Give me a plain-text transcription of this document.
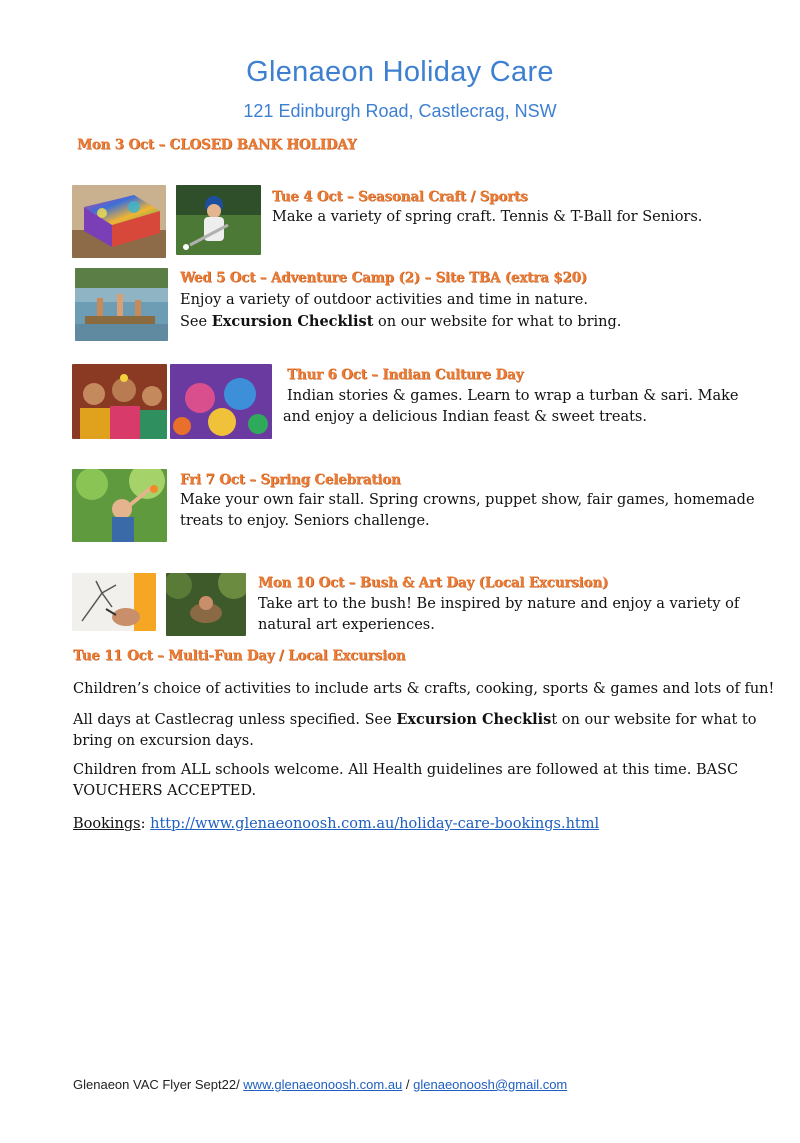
Glenaeon Holiday Care
121 Edinburgh Road, Castlecrag, NSW
Mon 3 Oct – CLOSED BANK HOLIDAY
Tue 4 Oct – Seasonal Craft / Sports
Make a variety of spring craft. Tennis & T-Ball for Seniors.
Wed 5 Oct – Adventure Camp (2) – Site TBA (extra $20)
Enjoy a variety of outdoor activities and time in nature.
See Excursion Checklist on our website for what to bring.
Thur 6 Oct – Indian Culture Day
Indian stories & games. Learn to wrap a turban & sari. Make
and enjoy a delicious Indian feast & sweet treats.
Fri 7 Oct – Spring Celebration
Make your own fair stall. Spring crowns, puppet show, fair games, homemade
treats to enjoy. Seniors challenge.
Mon 10 Oct – Bush & Art Day (Local Excursion)
Take art to the bush! Be inspired by nature and enjoy a variety of
natural art experiences.
Tue 11 Oct – Multi-Fun Day / Local Excursion
Children’s choice of activities to include arts & crafts, cooking, sports & games and lots of fun!
All days at Castlecrag unless specified. See Excursion Checklist on our website for what to
bring on excursion days.
Children from ALL schools welcome. All Health guidelines are followed at this time. BASC
VOUCHERS ACCEPTED.
Bookings: http://www.glenaeonoosh.com.au/holiday-care-bookings.html
Glenaeon VAC Flyer Sept22/ www.glenaeonoosh.com.au / glenaeonoosh@gmail.com
